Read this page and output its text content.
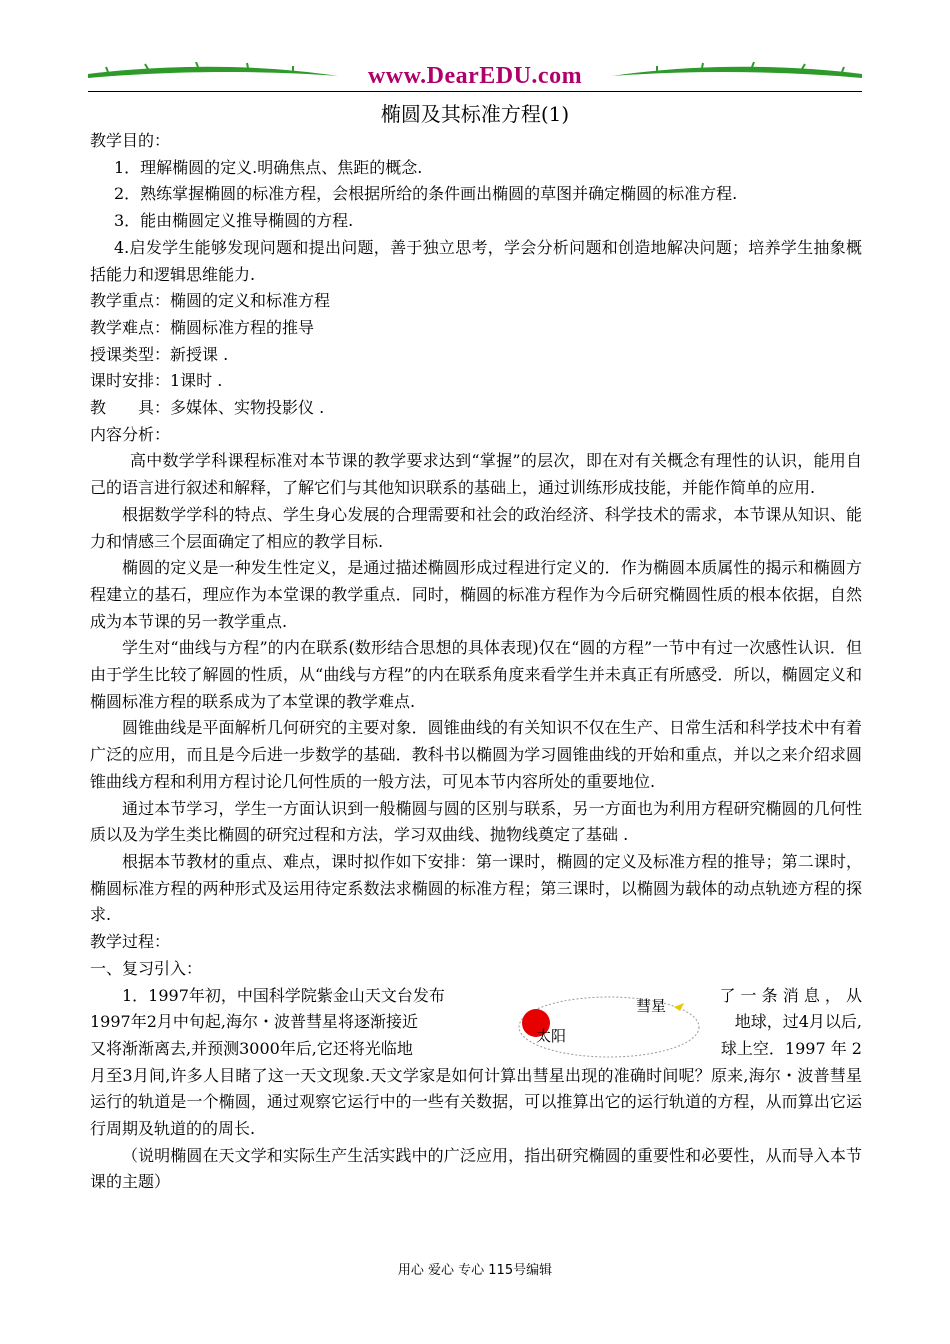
www.DearEDU.com
椭圆及其标准方程(1)

教学目的：

1．理解椭圆的定义.明确焦点、焦距的概念.

2．熟练掌握椭圆的标准方程，会根据所给的条件画出椭圆的草图并确定椭圆的标准方程.

3．能由椭圆定义推导椭圆的方程.

4.启发学生能够发现问题和提出问题，善于独立思考，学会分析问题和创造地解决问题；培养学生抽象概括能力和逻辑思维能力.

教学重点：椭圆的定义和标准方程

教学难点：椭圆标准方程的推导

授课类型：新授课 .

课时安排：1课时 .

教　　具：多媒体、实物投影仪 .

内容分析：

高中数学学科课程标准对本节课的教学要求达到“掌握”的层次，即在对有关概念有理性的认识，能用自己的语言进行叙述和解释，了解它们与其他知识联系的基础上，通过训练形成技能，并能作简单的应用.

根据数学学科的特点、学生身心发展的合理需要和社会的政治经济、科学技术的需求，本节课从知识、能力和情感三个层面确定了相应的教学目标.

椭圆的定义是一种发生性定义，是通过描述椭圆形成过程进行定义的．作为椭圆本质属性的揭示和椭圆方程建立的基石，理应作为本堂课的教学重点．同时，椭圆的标准方程作为今后研究椭圆性质的根本依据，自然成为本节课的另一教学重点.

学生对“曲线与方程”的内在联系(数形结合思想的具体表现)仅在“圆的方程”一节中有过一次感性认识．但由于学生比较了解圆的性质，从“曲线与方程”的内在联系角度来看学生并未真正有所感受．所以，椭圆定义和椭圆标准方程的联系成为了本堂课的教学难点.

圆锥曲线是平面解析几何研究的主要对象．圆锥曲线的有关知识不仅在生产、日常生活和科学技术中有着广泛的应用，而且是今后进一步数学的基础．教科书以椭圆为学习圆锥曲线的开始和重点，并以之来介绍求圆锥曲线方程和利用方程讨论几何性质的一般方法，可见本节内容所处的重要地位.

通过本节学习，学生一方面认识到一般椭圆与圆的区别与联系，另一方面也为利用方程研究椭圆的几何性质以及为学生类比椭圆的研究过程和方法，学习双曲线、抛物线奠定了基础 .

根据本节教材的重点、难点，课时拟作如下安排：第一课时，椭圆的定义及标准方程的推导；第二课时，椭圆标准方程的两种形式及运用待定系数法求椭圆的标准方程；第三课时，以椭圆为载体的动点轨迹方程的探求.

教学过程：

一、复习引入：

1．1997年初，中国科学院紫金山天文台发布	了 一 条 消 息 ， 从
1997年2月中旬起,海尔・波普彗星将逐渐接近	地球，过4月以后,
又将渐渐离去,并预测3000年后,它还将光临地	球上空．1997 年 2
太阳
彗星

月至3月间,许多人目睹了这一天文现象.天文学家是如何计算出彗星出现的准确时间呢？原来,海尔・波普彗星运行的轨道是一个椭圆，通过观察它运行中的一些有关数据，可以推算出它的运行轨道的方程，从而算出它运行周期及轨道的的周长.

（说明椭圆在天文学和实际生产生活实践中的广泛应用，指出研究椭圆的重要性和必要性，从而导入本节课的主题）

用心 爱心 专心 115号编辑
